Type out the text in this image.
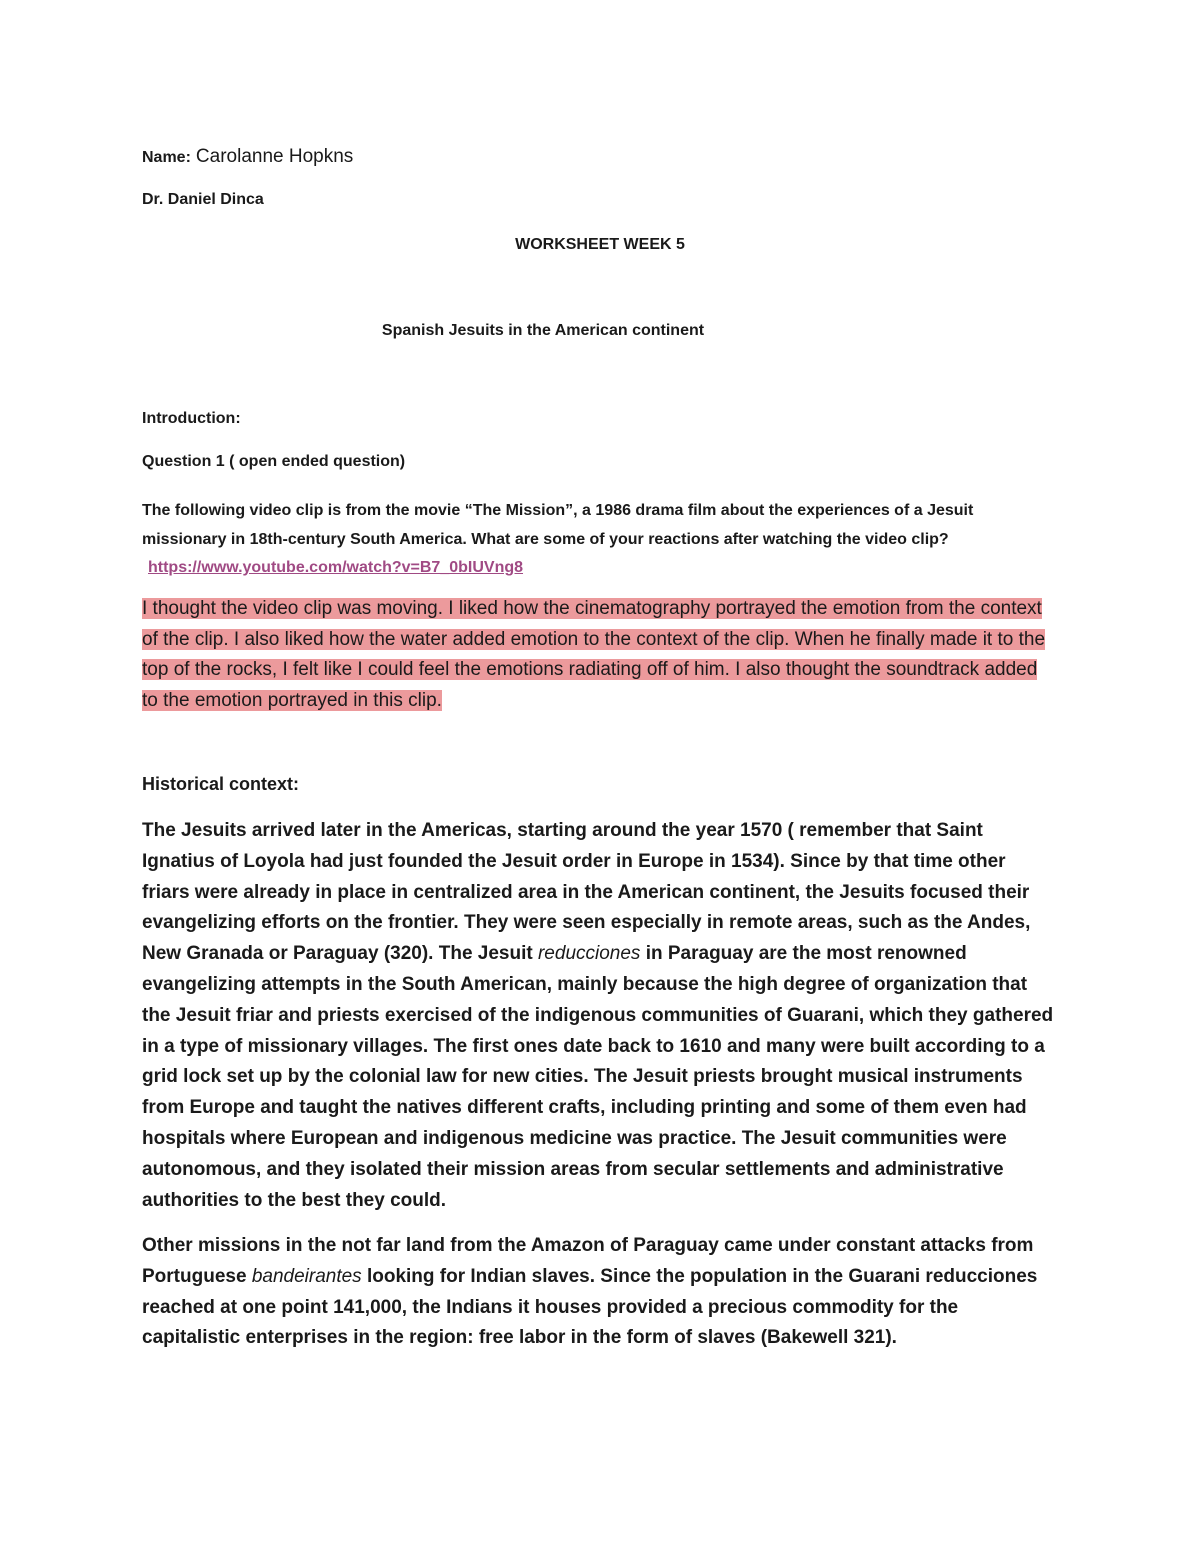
Name: Carolanne Hopkns

Dr. Daniel Dinca

WORKSHEET WEEK 5

Spanish Jesuits in the American continent

Introduction:

Question 1 ( open ended question)

The following video clip is from the movie “The Mission”, a 1986 drama film about the experiences of a Jesuit missionary in 18th-century South America. What are some of your reactions after watching the video clip?https://www.youtube.com/watch?v=B7_0bIUVng8

I thought the video clip was moving. I liked how the cinematography portrayed the emotion from the context of the clip. I also liked how the water added emotion to the context of the clip. When he finally made it to the top of the rocks, I felt like I could feel the emotions radiating off of him. I also thought the soundtrack added to the emotion portrayed in this clip.

Historical context:

The Jesuits arrived later in the Americas, starting around the year 1570 ( remember that Saint Ignatius of Loyola had just founded the Jesuit order in Europe in 1534). Since by that time other friars were already in place in centralized area in the American continent, the Jesuits focused their evangelizing efforts on the frontier. They were seen especially in remote areas, such as the Andes, New Granada or Paraguay (320). The Jesuit reducciones in Paraguay are the most renowned evangelizing attempts in the South American, mainly because the high degree of organization that the Jesuit friar and priests exercised of the indigenous communities of Guarani, which they gathered in a type of missionary villages. The first ones date back to 1610 and many were built according to a grid lock set up by the colonial law for new cities. The Jesuit priests brought musical instruments from Europe and taught the natives different crafts, including printing and some of them even had hospitals where European and indigenous medicine was practice. The Jesuit communities were autonomous, and they isolated their mission areas from secular settlements and administrative authorities to the best they could.

Other missions in the not far land from the Amazon of Paraguay came under constant attacks from Portuguese bandeirantes looking for Indian slaves. Since the population in the Guarani reducciones reached at one point 141,000, the Indians it houses provided a precious commodity for the capitalistic enterprises in the region: free labor in the form of slaves (Bakewell 321).
